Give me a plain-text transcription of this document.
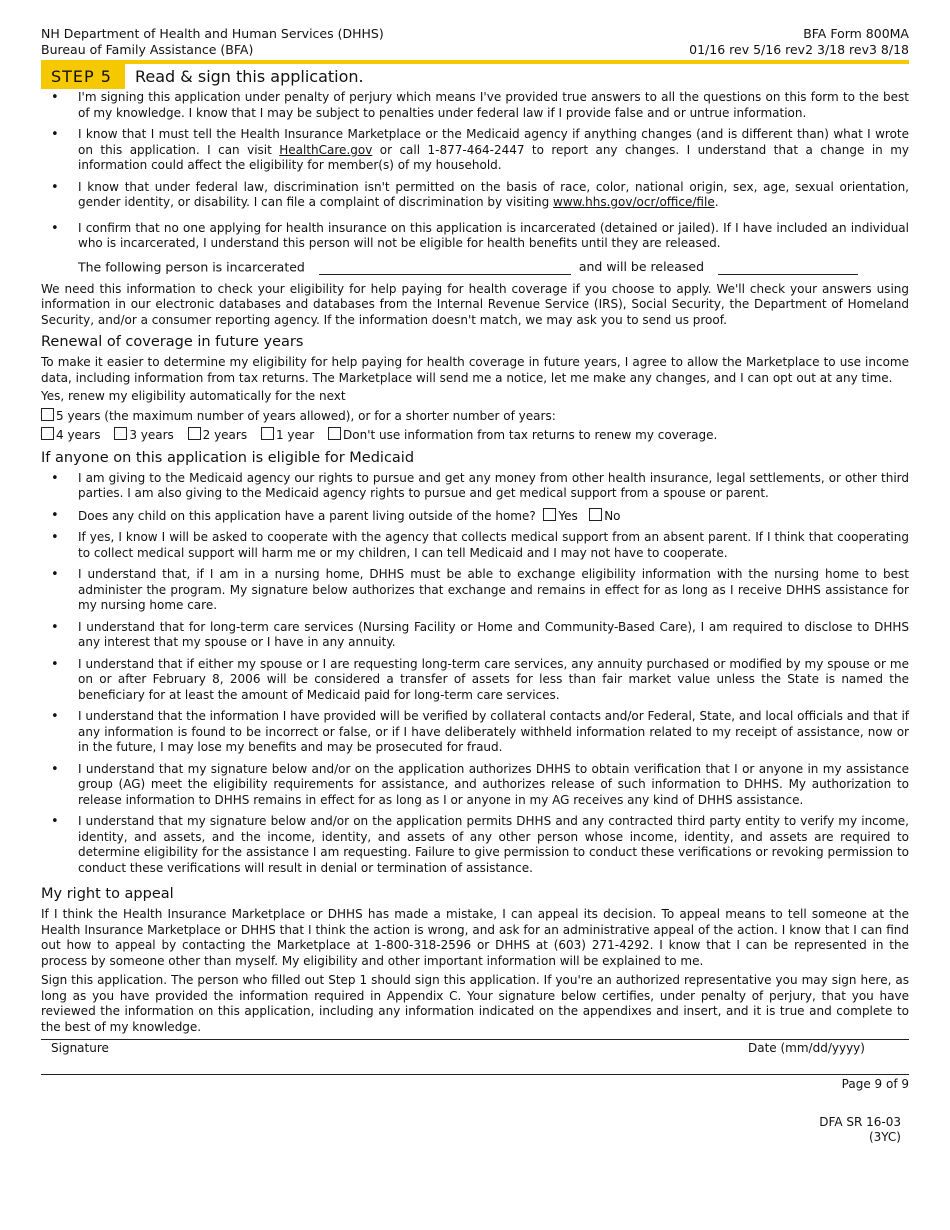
NH Department of Health and Human Services (DHHS)
Bureau of Family Assistance (BFA)
BFA Form 800MA
01/16 rev 5/16 rev2 3/18 rev3 8/18
STEP 5	Read & sign this application.
• I'm signing this application under penalty of perjury which means I've provided true answers to all the questions on this form to the best of my knowledge. I know that I may be subject to penalties under federal law if I provide false and or untrue information.
• I know that I must tell the Health Insurance Marketplace or the Medicaid agency if anything changes (and is different than) what I wrote on this application. I can visit HealthCare.gov or call 1-877-464-2447 to report any changes. I understand that a change in my information could affect the eligibility for member(s) of my household.
• I know that under federal law, discrimination isn't permitted on the basis of race, color, national origin, sex, age, sexual orientation, gender identity, or disability. I can file a complaint of discrimination by visiting www.hhs.gov/ocr/office/file.
• I confirm that no one applying for health insurance on this application is incarcerated (detained or jailed). If I have included an individual who is incarcerated, I understand this person will not be eligible for health benefits until they are released.
The following person is incarcerated	and will be released
We need this information to check your eligibility for help paying for health coverage if you choose to apply. We'll check your answers using information in our electronic databases and databases from the Internal Revenue Service (IRS), Social Security, the Department of Homeland Security, and/or a consumer reporting agency. If the information doesn't match, we may ask you to send us proof.
Renewal of coverage in future years
To make it easier to determine my eligibility for help paying for health coverage in future years, I agree to allow the Marketplace to use income data, including information from tax returns. The Marketplace will send me a notice, let me make any changes, and I can opt out at any time.
Yes, renew my eligibility automatically for the next
5 years (the maximum number of years allowed), or for a shorter number of years:
4 years 3 years 2 years 1 year Don't use information from tax returns to renew my coverage.
If anyone on this application is eligible for Medicaid
• I am giving to the Medicaid agency our rights to pursue and get any money from other health insurance, legal settlements, or other third parties. I am also giving to the Medicaid agency rights to pursue and get medical support from a spouse or parent.
• Does any child on this application have a parent living outside of the home? Yes No
• If yes, I know I will be asked to cooperate with the agency that collects medical support from an absent parent. If I think that cooperating to collect medical support will harm me or my children, I can tell Medicaid and I may not have to cooperate.
• I understand that, if I am in a nursing home, DHHS must be able to exchange eligibility information with the nursing home to best administer the program. My signature below authorizes that exchange and remains in effect for as long as I receive DHHS assistance for my nursing home care.
• I understand that for long-term care services (Nursing Facility or Home and Community-Based Care), I am required to disclose to DHHS any interest that my spouse or I have in any annuity.
• I understand that if either my spouse or I are requesting long-term care services, any annuity purchased or modified by my spouse or me on or after February 8, 2006 will be considered a transfer of assets for less than fair market value unless the State is named the beneficiary for at least the amount of Medicaid paid for long-term care services.
• I understand that the information I have provided will be verified by collateral contacts and/or Federal, State, and local officials and that if any information is found to be incorrect or false, or if I have deliberately withheld information related to my receipt of assistance, now or in the future, I may lose my benefits and may be prosecuted for fraud.
• I understand that my signature below and/or on the application authorizes DHHS to obtain verification that I or anyone in my assistance group (AG) meet the eligibility requirements for assistance, and authorizes release of such information to DHHS. My authorization to release information to DHHS remains in effect for as long as I or anyone in my AG receives any kind of DHHS assistance.
• I understand that my signature below and/or on the application permits DHHS and any contracted third party entity to verify my income, identity, and assets, and the income, identity, and assets of any other person whose income, identity, and assets are required to determine eligibility for the assistance I am requesting. Failure to give permission to conduct these verifications or revoking permission to conduct these verifications will result in denial or termination of assistance.
My right to appeal
If I think the Health Insurance Marketplace or DHHS has made a mistake, I can appeal its decision. To appeal means to tell someone at the Health Insurance Marketplace or DHHS that I think the action is wrong, and ask for an administrative appeal of the action. I know that I can find out how to appeal by contacting the Marketplace at 1-800-318-2596 or DHHS at (603) 271-4292. I know that I can be represented in the process by someone other than myself. My eligibility and other important information will be explained to me.
Sign this application. The person who filled out Step 1 should sign this application. If you're an authorized representative you may sign here, as long as you have provided the information required in Appendix C. Your signature below certifies, under penalty of perjury, that you have reviewed the information on this application, including any information indicated on the appendixes and insert, and it is true and complete to the best of my knowledge.
Signature	Date (mm/dd/yyyy)
Page 9 of 9
DFA SR 16-03
(3YC)
